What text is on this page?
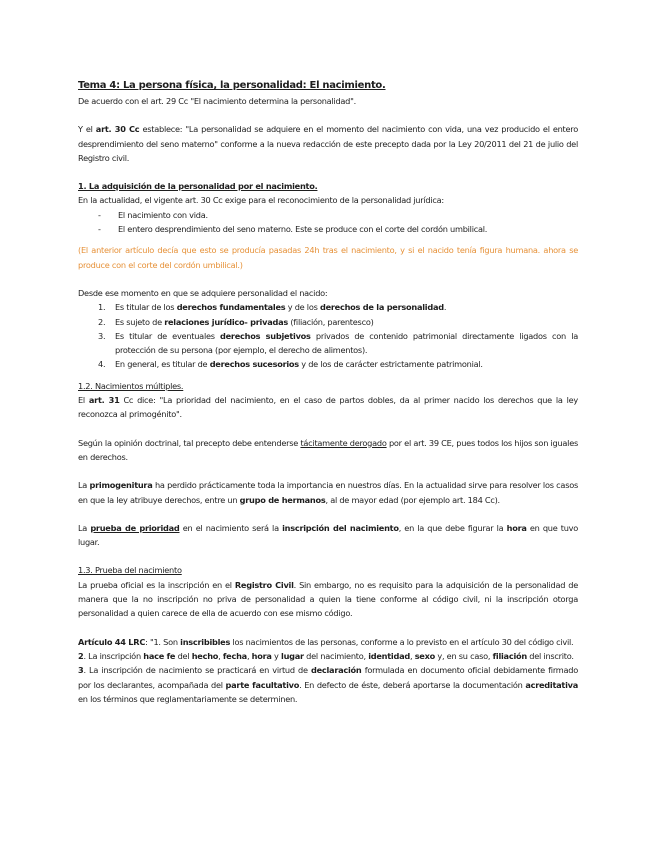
Tema 4: La persona física, la personalidad: El nacimiento.

De acuerdo con el art. 29 Cc "El nacimiento determina la personalidad".

Y el art. 30 Cc establece: "La personalidad se adquiere en el momento del nacimiento con vida, una vez producido el entero desprendimiento del seno materno" conforme a la nueva redacción de este precepto dada por la Ley 20/2011 del 21 de julio del Registro civil.

1. La adquisición de la personalidad por el nacimiento.

En la actualidad, el vigente art. 30 Cc exige para el reconocimiento de la personalidad jurídica:

- El nacimiento con vida.
- El entero desprendimiento del seno materno. Este se produce con el corte del cordón umbilical.

(El anterior artículo decía que esto se producía pasadas 24h tras el nacimiento, y si el nacido tenía figura humana. ahora se produce con el corte del cordón umbilical.)

Desde ese momento en que se adquiere personalidad el nacido:

1. Es titular de los derechos fundamentales y de los derechos de la personalidad.
2. Es sujeto de relaciones jurídico- privadas (filiación, parentesco)
3. Es titular de eventuales derechos subjetivos privados de contenido patrimonial directamente ligados con la protección de su persona (por ejemplo, el derecho de alimentos).
4. En general, es titular de derechos sucesorios y de los de carácter estrictamente patrimonial.

1.2. Nacimientos múltiples.

El art. 31 Cc dice: "La prioridad del nacimiento, en el caso de partos dobles, da al primer nacido los derechos que la ley reconozca al primogénito".

Según la opinión doctrinal, tal precepto debe entenderse tácitamente derogado por el art. 39 CE, pues todos los hijos son iguales en derechos.

La primogenitura ha perdido prácticamente toda la importancia en nuestros días. En la actualidad sirve para resolver los casos en que la ley atribuye derechos, entre un grupo de hermanos, al de mayor edad (por ejemplo art. 184 Cc).

La prueba de prioridad en el nacimiento será la inscripción del nacimiento, en la que debe figurar la hora en que tuvo lugar.

1.3. Prueba del nacimiento

La prueba oficial es la inscripción en el Registro Civil. Sin embargo, no es requisito para la adquisición de la personalidad de manera que la no inscripción no priva de personalidad a quien la tiene conforme al código civil, ni la inscripción otorga personalidad a quien carece de ella de acuerdo con ese mismo código.

Artículo 44 LRC: "1. Son inscribibles los nacimientos de las personas, conforme a lo previsto en el artículo 30 del código civil.

2. La inscripción hace fe del hecho, fecha, hora y lugar del nacimiento, identidad, sexo y, en su caso, filiación del inscrito.

3. La inscripción de nacimiento se practicará en virtud de declaración formulada en documento oficial debidamente firmado por los declarantes, acompañada del parte facultativo. En defecto de éste, deberá aportarse la documentación acreditativa en los términos que reglamentariamente se determinen.
